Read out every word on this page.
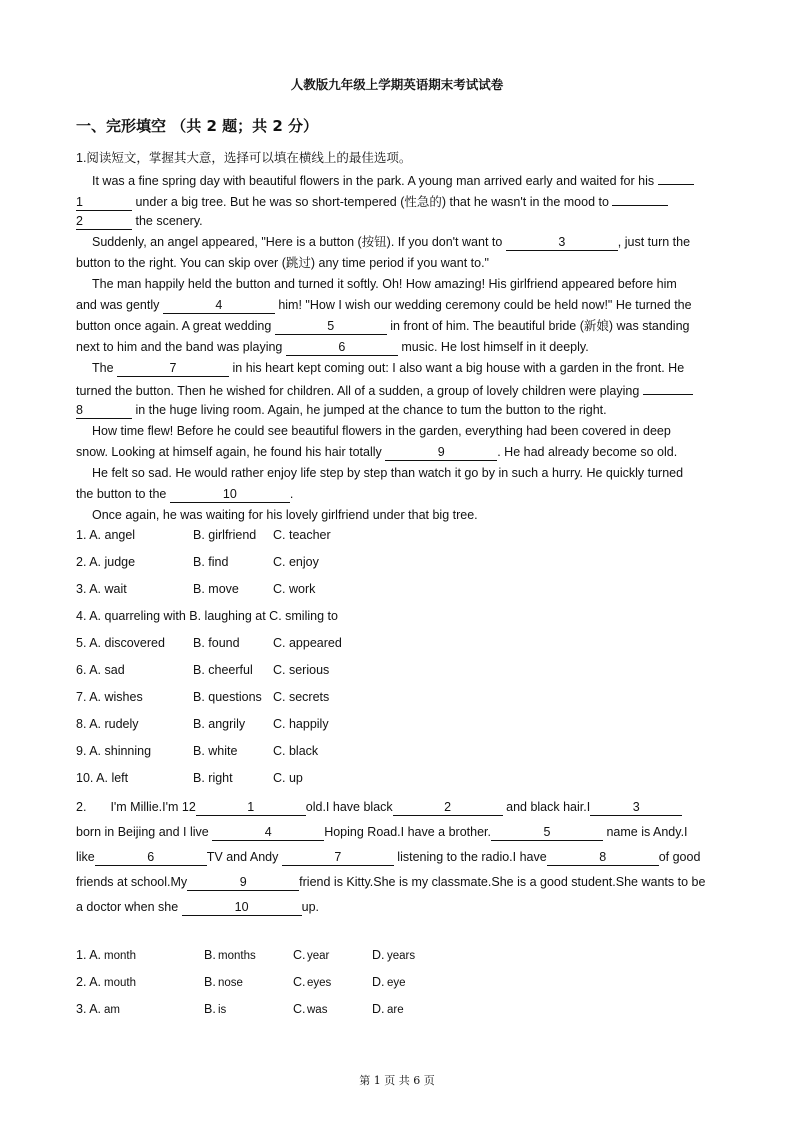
人教版九年级上学期英语期末考试试卷
一、完形填空 （共 2 题；共 2 分）
1.阅读短文，掌握其大意，选择可以填在横线上的最佳选项。
It was a fine spring day with beautiful flowers in the park. A young man arrived early and waited for his
1	under a big tree. But he was so short-tempered (性急的) that he wasn't in the mood to
2	the scenery.
Suddenly, an angel appeared, "Here is a button (按钮). If you don't want to	3	, just turn the
button to the right. You can skip over (跳过) any time period if you want to."
The man happily held the button and turned it softly. Oh! How amazing! His girlfriend appeared before him
and was gently	4	him! "How I wish our wedding ceremony could be held now!" He turned the
button once again. A great wedding	5	in front of him. The beautiful bride (新娘) was standing
next to him and the band was playing	6	music. He lost himself in it deeply.
The	7	in his heart kept coming out: I also want a big house with a garden in the front. He
turned the button. Then he wished for children. All of a sudden, a group of lovely children were playing
8	in the huge living room. Again, he jumped at the chance to tum the button to the right.
How time flew! Before he could see beautiful flowers in the garden, everything had been covered in deep
snow. Looking at himself again, he found his hair totally	9	. He had already become so old.
He felt so sad. He would rather enjoy life step by step than watch it go by in such a hurry. He quickly turned
the button to the	10	.
Once again, he was waiting for his lovely girlfriend under that big tree.
1. A. angel	B. girlfriend C. teacher
2. A. judge	B. find	C. enjoy
3. A. wait	B. move	C. work
4. A. quarreling with B. laughing at C. smiling to
5. A. discovered B. found	C. appeared
6. A. sad	B. cheerful C. serious
7. A. wishes	B. questions C. secrets
8. A. rudely	B. angrily C. happily
9. A. shinning	B. white	C. black
10. A. left	B. right	C. up
2. I'm Millie.I'm 12	1	old.I have black	2	and black hair.I	3
born in Beijing and I live	4	Hoping Road.I have a brother.	5	name is Andy.I
like	6	TV and Andy	7	listening to the radio.I have	8	of good
friends at school.My	9	friend is Kitty.She is my classmate.She is a good student.She wants to be
a doctor when she	10	up.
1. A. month	B. months	C. year	D. years
2. A. mouth	B. nose	C. eyes	D. eye
3. A. am	B. is	C. was	D. are
第 1 页 共 6 页
